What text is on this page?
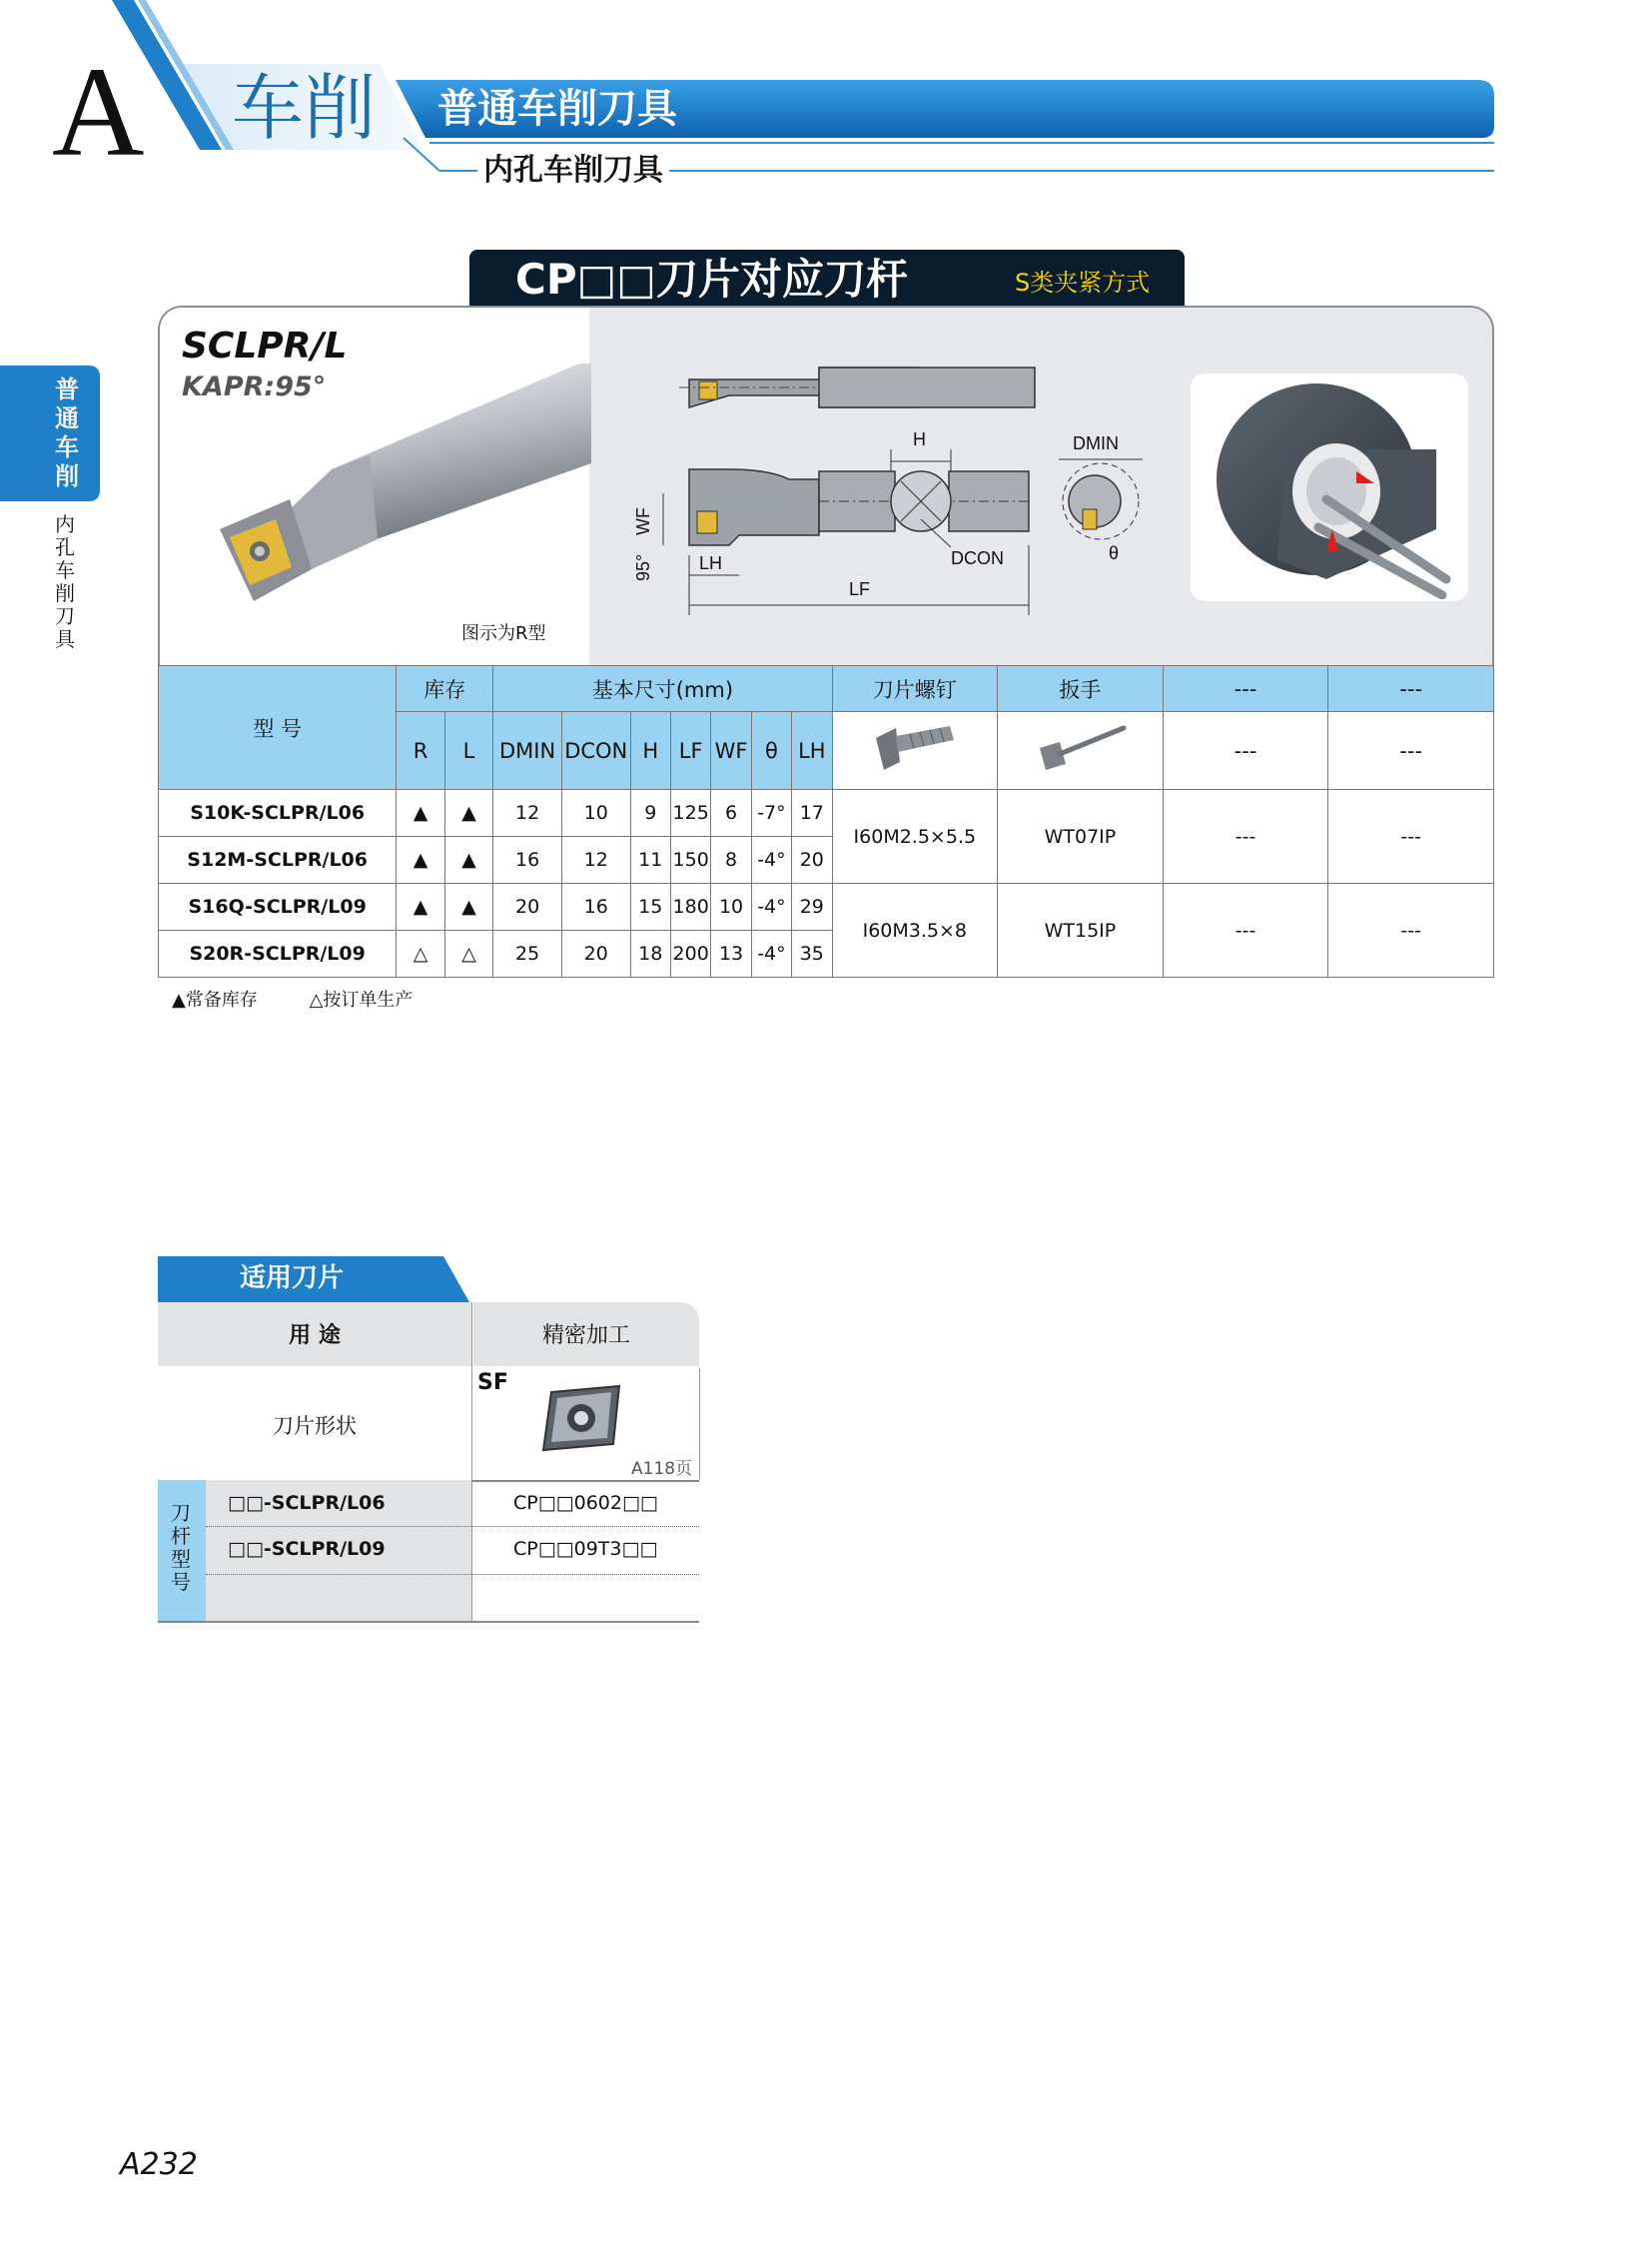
A 车削 普通车削刀具
内孔车削刀具
普通车削
内孔车削刀具
CP□□刀片对应刀杆	S类夹紧方式
SCLPR/L
KAPR:95°
图示为R型
H
DCON
LF
LH
WF
95°
DMIN
θ
型 号	库存		基本尺寸(mm)							刀片螺钉	扳手	---	---
	R	L	DMIN	DCON	H	LF	WF	θ	LH			---	---
S10K-SCLPR/L06	▲	▲	12	10	9	125	6	-7°	17	I60M2.5×5.5	WT07IP	---	---
S12M-SCLPR/L06	▲	▲	16	12	11	150	8	-4°	20				
S16Q-SCLPR/L09	▲	▲	20	16	15	180	10	-4°	29	I60M3.5×8	WT15IP	---	---
S20R-SCLPR/L09	△	△	25	20	18	200	13	-4°	35				
▲常备库存	△按订单生产
适用刀片
用 途	精密加工
刀片形状
SF
A118页
刀杆型号
□□-SCLPR/L06	CP□□0602□□
□□-SCLPR/L09	CP□□09T3□□
A232
